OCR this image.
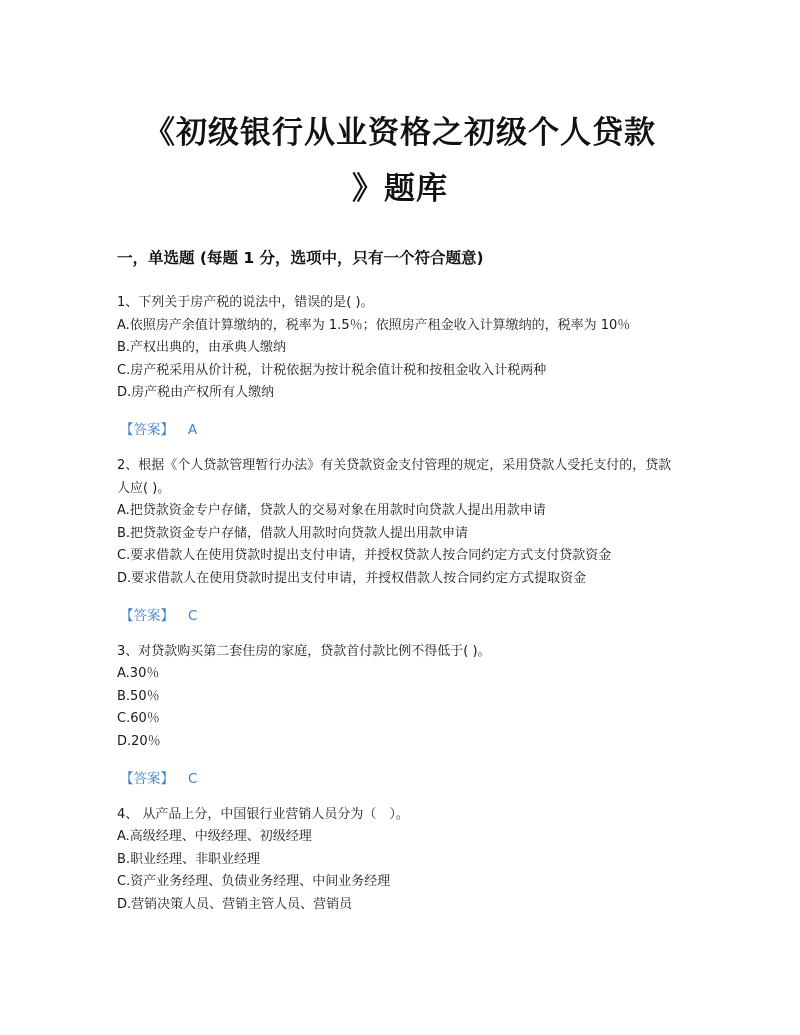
《初级银行从业资格之初级个人贷款
》题库
一，单选题 (每题 1 分，选项中，只有一个符合题意)
1、下列关于房产税的说法中，错误的是( )。
A.依照房产余值计算缴纳的，税率为 1.5％；依照房产租金收入计算缴纳的，税率为 10％
B.产权出典的，由承典人缴纳
C.房产税采用从价计税，计税依据为按计税余值计税和按租金收入计税两种
D.房产税由产权所有人缴纳
【答案】 A
2、根据《个人贷款管理暂行办法》有关贷款资金支付管理的规定，采用贷款人受托支付的，贷款人应( )。
A.把贷款资金专户存储，贷款人的交易对象在用款时向贷款人提出用款申请
B.把贷款资金专户存储，借款人用款时向贷款人提出用款申请
C.要求借款人在使用贷款时提出支付申请，并授权贷款人按合同约定方式支付贷款资金
D.要求借款人在使用贷款时提出支付申请，并授权借款人按合同约定方式提取资金
【答案】 C
3、对贷款购买第二套住房的家庭，贷款首付款比例不得低于( )。
A.30％
B.50％
C.60％
D.20％
【答案】 C
4、 从产品上分，中国银行业营销人员分为（　）。
A.高级经理、中级经理、初级经理
B.职业经理、非职业经理
C.资产业务经理、负债业务经理、中间业务经理
D.营销决策人员、营销主管人员、营销员
